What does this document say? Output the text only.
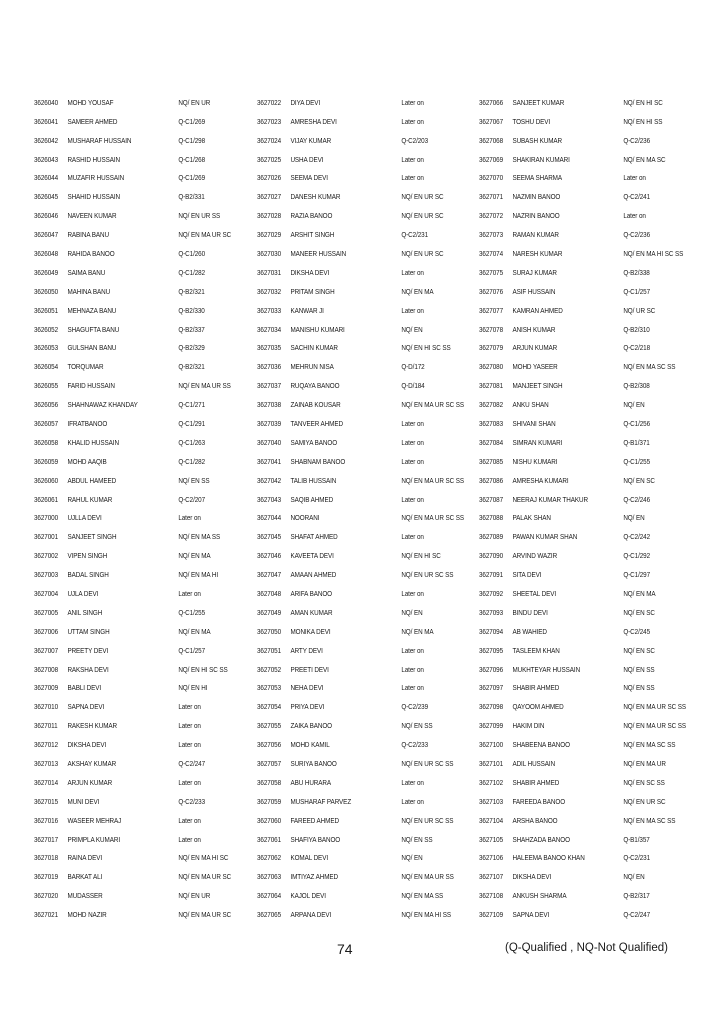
3626040	MOHD YOUSAF	NQ/ EN UR
3626041	SAMEER AHMED	Q-C1/269
3626042	MUSHARAF HUSSAIN	Q-C1/298
3626043	RASHID HUSSAIN	Q-C1/268
3626044	MUZAFIR HUSSAIN	Q-C1/269
3626045	SHAHID HUSSAIN	Q-B2/331
3626046	NAVEEN KUMAR	NQ/ EN UR SS
3626047	RABINA BANU	NQ/ EN MA UR SC
3626048	RAHIDA BANOO	Q-C1/260
3626049	SAIMA BANU	Q-C1/282
3626050	MAHINA BANU	Q-B2/321
3626051	MEHNAZA BANU	Q-B2/330
3626052	SHAGUFTA BANU	Q-B2/337
3626053	GULSHAN BANU	Q-B2/329
3626054	TORQUMAR	Q-B2/321
3626055	FARID HUSSAIN	NQ/ EN MA UR SS
3626056	SHAHNAWAZ KHANDAY	Q-C1/271
3626057	IFRATBANOO	Q-C1/291
3626058	KHALID HUSSAIN	Q-C1/263
3626059	MOHD AAQIB	Q-C1/282
3626060	ABDUL HAMEED	NQ/ EN SS
3626061	RAHUL KUMAR	Q-C2/207
3627000	UJLLA DEVI	Later on
3627001	SANJEET SINGH	NQ/ EN MA SS
3627002	VIPEN SINGH	NQ/ EN MA
3627003	BADAL SINGH	NQ/ EN MA HI
3627004	UJLA DEVI	Later on
3627005	ANIL SINGH	Q-C1/255
3627006	UTTAM SINGH	NQ/ EN MA
3627007	PREETY DEVI	Q-C1/257
3627008	RAKSHA DEVI	NQ/ EN HI SC SS
3627009	BABLI DEVI	NQ/ EN HI
3627010	SAPNA DEVI	Later on
3627011	RAKESH KUMAR	Later on
3627012	DIKSHA DEVI	Later on
3627013	AKSHAY KUMAR	Q-C2/247
3627014	ARJUN KUMAR	Later on
3627015	MUNI DEVI	Q-C2/233
3627016	WASEER MEHRAJ	Later on
3627017	PRIMPLA KUMARI	Later on
3627018	RAINA DEVI	NQ/ EN MA HI SC
3627019	BARKAT ALI	NQ/ EN MA UR SC
3627020	MUDASSER	NQ/ EN UR
3627021	MOHD NAZIR	NQ/ EN MA UR SC
3627022	DIYA DEVI	Later on
3627023	AMRESHA DEVI	Later on
3627024	VIJAY KUMAR	Q-C2/203
3627025	USHA DEVI	Later on
3627026	SEEMA DEVI	Later on
3627027	DANESH KUMAR	NQ/ EN UR SC
3627028	RAZIA BANOO	NQ/ EN UR SC
3627029	ARSHIT SINGH	Q-C2/231
3627030	MANEER HUSSAIN	NQ/ EN UR SC
3627031	DIKSHA DEVI	Later on
3627032	PRITAM SINGH	NQ/ EN MA
3627033	KANWAR JI	Later on
3627034	MANISHU KUMARI	NQ/ EN
3627035	SACHIN KUMAR	NQ/ EN HI SC SS
3627036	MEHRUN NISA	Q-D/172
3627037	RUQAYA BANOO	Q-D/184
3627038	ZAINAB KOUSAR	NQ/ EN MA UR SC SS
3627039	TANVEER AHMED	Later on
3627040	SAMIYA BANOO	Later on
3627041	SHABNAM BANOO	Later on
3627042	TALIB HUSSAIN	NQ/ EN MA UR SC SS
3627043	SAQIB AHMED	Later on
3627044	NOORANI	NQ/ EN MA UR SC SS
3627045	SHAFAT AHMED	Later on
3627046	KAVEETA DEVI	NQ/ EN HI SC
3627047	AMAAN AHMED	NQ/ EN UR SC SS
3627048	ARIFA BANOO	Later on
3627049	AMAN KUMAR	NQ/ EN
3627050	MONIKA DEVI	NQ/ EN MA
3627051	ARTY DEVI	Later on
3627052	PREETI DEVI	Later on
3627053	NEHA DEVI	Later on
3627054	PRIYA DEVI	Q-C2/239
3627055	ZAIKA BANOO	NQ/ EN SS
3627056	MOHD KAMIL	Q-C2/233
3627057	SURIYA BANOO	NQ/ EN UR SC SS
3627058	ABU HURARA	Later on
3627059	MUSHARAF PARVEZ	Later on
3627060	FAREED AHMED	NQ/ EN UR SC SS
3627061	SHAFIYA BANOO	NQ/ EN SS
3627062	KOMAL DEVI	NQ/ EN
3627063	IMTIYAZ AHMED	NQ/ EN MA UR SS
3627064	KAJOL DEVI	NQ/ EN MA SS
3627065	ARPANA DEVI	NQ/ EN MA HI SS
3627066	SANJEET KUMAR	NQ/ EN HI SC
3627067	TOSHU DEVI	NQ/ EN HI SS
3627068	SUBASH KUMAR	Q-C2/236
3627069	SHAKIRAN KUMARI	NQ/ EN MA SC
3627070	SEEMA SHARMA	Later on
3627071	NAZMIN BANOO	Q-C2/241
3627072	NAZRIN BANOO	Later on
3627073	RAMAN KUMAR	Q-C2/236
3627074	NARESH KUMAR	NQ/ EN MA HI SC SS
3627075	SURAJ KUMAR	Q-B2/338
3627076	ASIF HUSSAIN	Q-C1/257
3627077	KAMRAN AHMED	NQ/ UR SC
3627078	ANISH KUMAR	Q-B2/310
3627079	ARJUN KUMAR	Q-C2/218
3627080	MOHD YASEER	NQ/ EN MA SC SS
3627081	MANJEET SINGH	Q-B2/308
3627082	ANKU SHAN	NQ/ EN
3627083	SHIVANI SHAN	Q-C1/256
3627084	SIMRAN KUMARI	Q-B1/371
3627085	NISHU KUMARI	Q-C1/255
3627086	AMRESHA KUMARI	NQ/ EN SC
3627087	NEERAJ KUMAR THAKUR	Q-C2/246
3627088	PALAK SHAN	NQ/ EN
3627089	PAWAN KUMAR SHAN	Q-C2/242
3627090	ARVIND WAZIR	Q-C1/292
3627091	SITA DEVI	Q-C1/297
3627092	SHEETAL DEVI	NQ/ EN MA
3627093	BINDU DEVI	NQ/ EN SC
3627094	AB WAHIED	Q-C2/245
3627095	TASLEEM KHAN	NQ/ EN SC
3627096	MUKHTEYAR HUSSAIN	NQ/ EN SS
3627097	SHABIR AHMED	NQ/ EN SS
3627098	QAYOOM AHMED	NQ/ EN MA UR SC SS
3627099	HAKIM DIN	NQ/ EN MA UR SC SS
3627100	SHABEENA BANOO	NQ/ EN MA SC SS
3627101	ADIL HUSSAIN	NQ/ EN MA UR
3627102	SHABIR AHMED	NQ/ EN SC SS
3627103	FAREEDA BANOO	NQ/ EN UR SC
3627104	ARSHA BANOO	NQ/ EN MA SC SS
3627105	SHAHZADA BANOO	Q-B1/357
3627106	HALEEMA BANOO KHAN	Q-C2/231
3627107	DIKSHA DEVI	NQ/ EN
3627108	ANKUSH SHARMA	Q-B2/317
3627109	SAPNA DEVI	Q-C2/247
74	(Q-Qualified , NQ-Not Qualified)
